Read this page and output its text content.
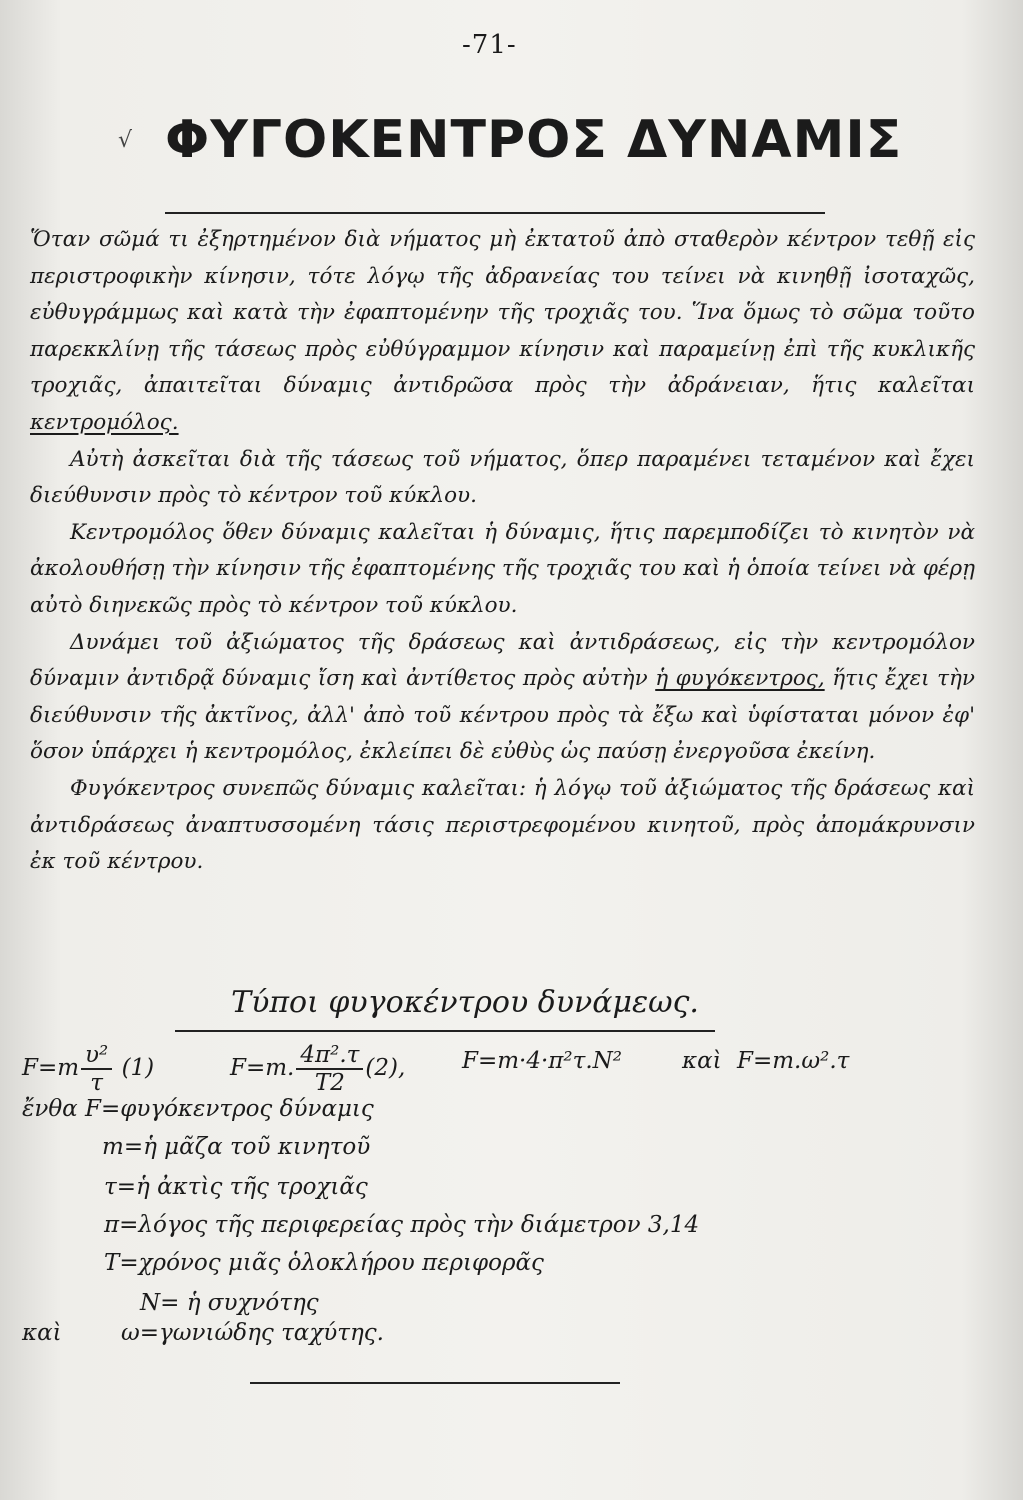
-71-
√ ΦΥΓΟΚΕΝΤΡΟΣ ΔΥΝΑΜΙΣ

Ὅταν σῶμά τι ἐξηρτημένον διὰ νήματος μὴ ἐκτατοῦ ἀπὸ σταθερὸν κέντρον τεθῇ εἰς περιστροφικὴν κίνησιν, τότε λόγῳ τῆς ἀδρανείας του τείνει νὰ κινηθῇ ἰσοταχῶς, εὐθυγράμμως καὶ κατὰ τὴν ἐφαπτομένην τῆς τροχιᾶς του. Ἵνα ὅμως τὸ σῶμα τοῦτο παρεκκλίνῃ τῆς τάσεως πρὸς εὐθύγραμμον κίνησιν καὶ παραμείνῃ ἐπὶ τῆς κυκλικῆς τροχιᾶς, ἀπαιτεῖται δύναμις ἀντιδρῶσα πρὸς τὴν ἀδράνειαν, ἥτις καλεῖται κεντρομόλος.

Αὐτὴ ἀσκεῖται διὰ τῆς τάσεως τοῦ νήματος, ὅπερ παραμένει τεταμένον καὶ ἔχει διεύθυνσιν πρὸς τὸ κέντρον τοῦ κύκλου.

Κεντρομόλος ὅθεν δύναμις καλεῖται ἡ δύναμις, ἥτις παρεμποδίζει τὸ κινητὸν νὰ ἀκολουθήσῃ τὴν κίνησιν τῆς ἐφαπτομένης τῆς τροχιᾶς του καὶ ἡ ὁποία τείνει νὰ φέρῃ αὐτὸ διηνεκῶς πρὸς τὸ κέντρον τοῦ κύκλου.

Δυνάμει τοῦ ἀξιώματος τῆς δράσεως καὶ ἀντιδράσεως, εἰς τὴν κεντρομόλον δύναμιν ἀντιδρᾷ δύναμις ἴση καὶ ἀντίθετος πρὸς αὐτὴν ἡ φυγόκεντρος, ἥτις ἔχει τὴν διεύθυνσιν τῆς ἀκτῖνος, ἀλλ' ἀπὸ τοῦ κέντρου πρὸς τὰ ἔξω καὶ ὑφίσταται μόνον ἐφ' ὅσον ὑπάρχει ἡ κεντρομόλος, ἐκλείπει δὲ εὐθὺς ὡς παύσῃ ἐνεργοῦσα ἐκείνη.

Φυγόκεντρος συνεπῶς δύναμις καλεῖται: ἡ λόγῳ τοῦ ἀξιώματος τῆς δράσεως καὶ ἀντιδράσεως ἀναπτυσσομένη τάσις περιστρεφομένου κινητοῦ, πρὸς ἀπομάκρυνσιν ἐκ τοῦ κέντρου.

Τύποι φυγοκέντρου δυνάμεως.
$F=m \frac{\text{υ²}}{\tau} (1)$	F=m. $\frac{\text{4π².τ}}{T2} (2)$, F=m·4·π²τ.N²	καὶ F=m.ω².τ
ἔνθα F=φυγόκεντρος δύναμις
m=ἡ μᾶζα τοῦ κινητοῦ
τ=ἡ ἀκτὶς τῆς τροχιᾶς
π=λόγος τῆς περιφερείας πρὸς τὴν διάμετρον 3,14
T=χρόνος μιᾶς ὁλοκλήρου περιφορᾶς
N= ἡ συχνότης
καὶ	ω=γωνιώδης ταχύτης.
